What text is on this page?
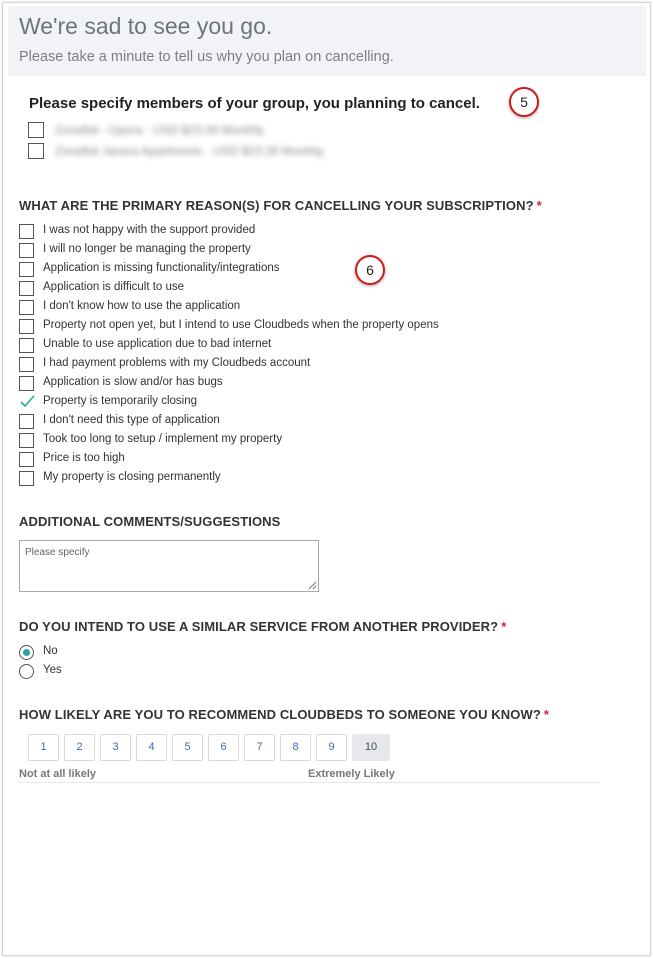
We're sad to see you go.
Please take a minute to tell us why you plan on cancelling.
5
6
Please specify members of your group, you planning to cancel.
Zonaflat - Opera · USD $23.00 Monthly
Zonaflat Janara Apartments · USD $23.28 Monthly
WHAT ARE THE PRIMARY REASON(S) FOR CANCELLING YOUR SUBSCRIPTION? *
I was not happy with the support provided
I will no longer be managing the property
Application is missing functionality/integrations
Application is difficult to use
I don't know how to use the application
Property not open yet, but I intend to use Cloudbeds when the property opens
Unable to use application due to bad internet
I had payment problems with my Cloudbeds account
Application is slow and/or has bugs
Property is temporarily closing
I don't need this type of application
Took too long to setup / implement my property
Price is too high
My property is closing permanently
ADDITIONAL COMMENTS/SUGGESTIONS
Please specify
DO YOU INTEND TO USE A SIMILAR SERVICE FROM ANOTHER PROVIDER? *
No
Yes
HOW LIKELY ARE YOU TO RECOMMEND CLOUDBEDS TO SOMEONE YOU KNOW? *
1	2	3	4	5	6	7	8	9	10
Not at all likely	Extremely Likely
